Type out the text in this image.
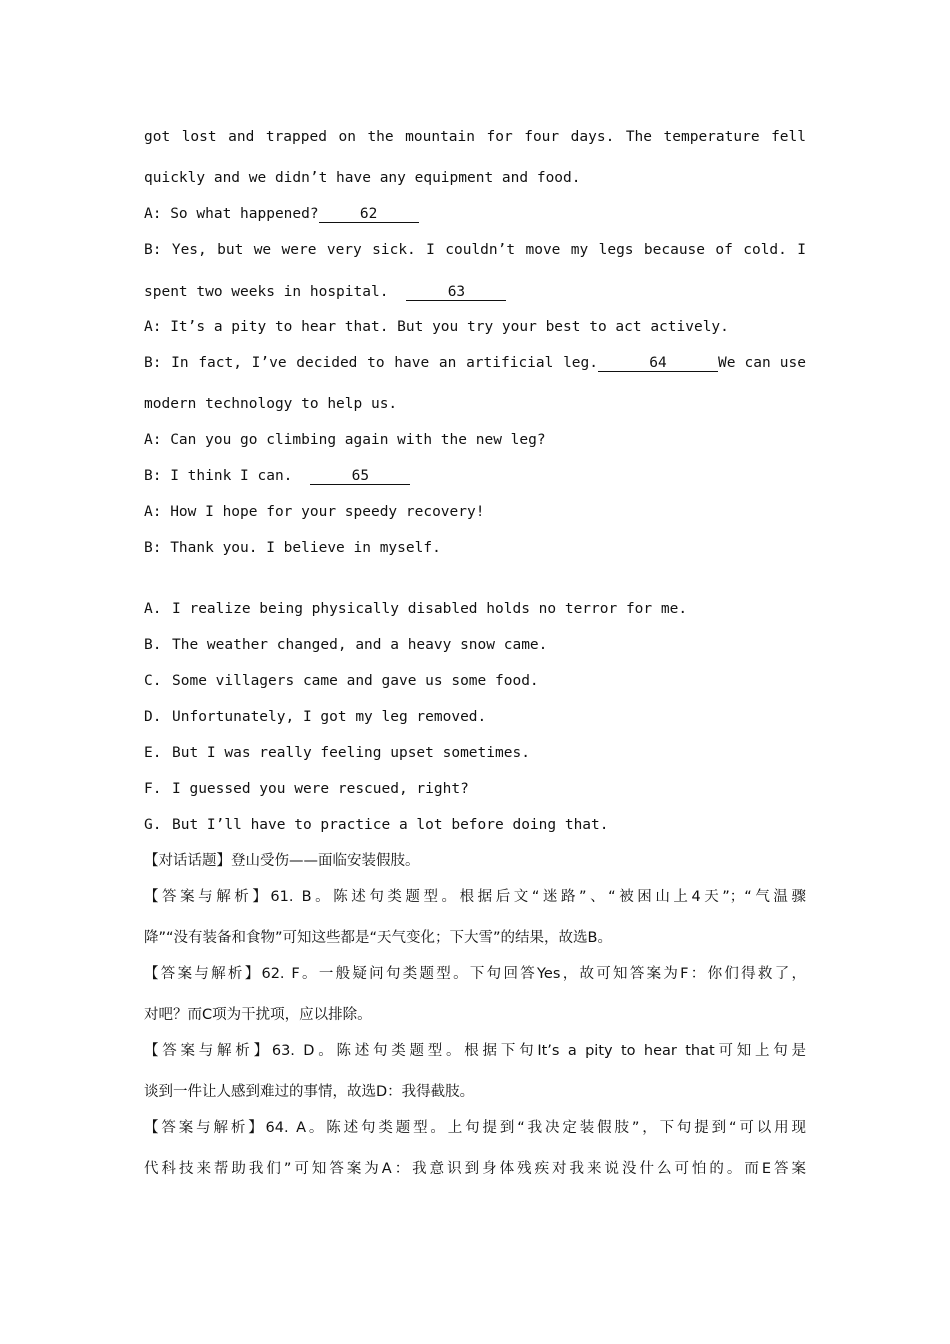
got lost and trapped on the mountain for four days. The temperature fell
quickly and we didn’t have any equipment and food.
A: So what happened?	62
B: Yes, but we were very sick. I couldn’t move my legs because of cold. I
spent two weeks in hospital.	63
A: It’s a pity to hear that. But you try your best to act actively.
B: In fact, I’ve decided to have an artificial leg.	64	We can use
modern technology to help us.
A: Can you go climbing again with the new leg?
B: I think I can.	65
A: How I hope for your speedy recovery!
B: Thank you. I believe in myself.
A. I realize being physically disabled holds no terror for me.
B. The weather changed, and a heavy snow came.
C. Some villagers came and gave us some food.
D. Unfortunately, I got my leg removed.
E. But I was really feeling upset sometimes.
F. I guessed you were rescued, right?
G. But I’ll have to practice a lot before doing that.
【对话话题】登山受伤——面临安装假肢。
【答案与解析】61. B。陈述句类题型。根据后文“迷路”、“被困山上4天”；“气温骤
降”“没有装备和食物”可知这些都是“天气变化；下大雪”的结果，故选B。
【答案与解析】62. F。一般疑问句类题型。下句回答Yes，故可知答案为F：你们得救了，
对吧？而C项为干扰项，应以排除。
【答案与解析】63. D。陈述句类题型。根据下句It’s a pity to hear that可知上句是
谈到一件让人感到难过的事情，故选D：我得截肢。
【答案与解析】64. A。陈述句类题型。上句提到“我决定装假肢”，下句提到“可以用现
代科技来帮助我们”可知答案为A：我意识到身体残疾对我来说没什么可怕的。而E答案
